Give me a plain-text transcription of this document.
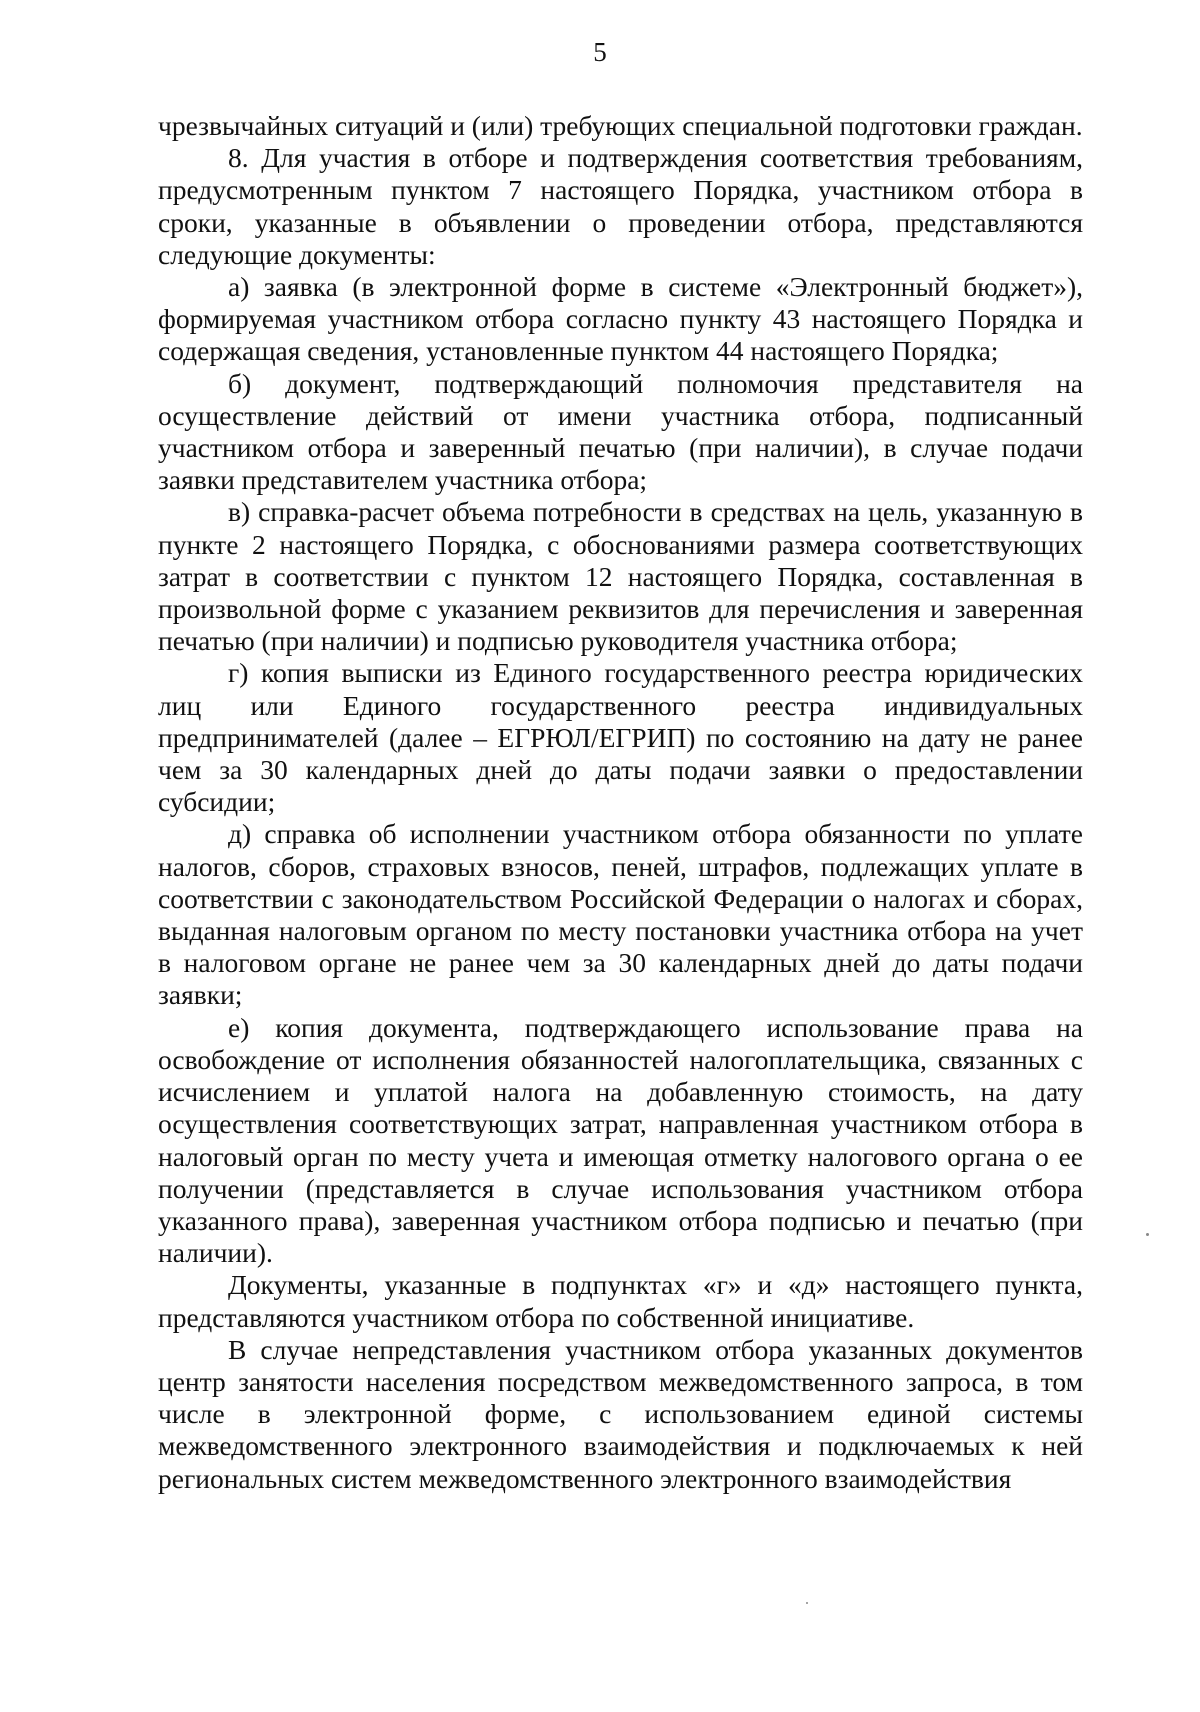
5

чрезвычайных ситуаций и (или) требующих специальной подготовки граждан.

8. Для участия в отборе и подтверждения соответствия требованиям, предусмотренным пунктом 7 настоящего Порядка, участником отбора в сроки, указанные в объявлении о проведении отбора, представляются следующие документы:

а) заявка (в электронной форме в системе «Электронный бюджет»), формируемая участником отбора согласно пункту 43 настоящего Порядка и содержащая сведения, установленные пунктом 44 настоящего Порядка;

б) документ, подтверждающий полномочия представителя на осуществление действий от имени участника отбора, подписанный участником отбора и заверенный печатью (при наличии), в случае подачи заявки представителем участника отбора;

в) справка-расчет объема потребности в средствах на цель, указанную в пункте 2 настоящего Порядка, с обоснованиями размера соответствующих затрат в соответствии с пунктом 12 настоящего Порядка, составленная в произвольной форме с указанием реквизитов для перечисления и заверенная печатью (при наличии) и подписью руководителя участника отбора;

г) копия выписки из Единого государственного реестра юридических лиц или Единого государственного реестра индивидуальных предпринимателей (далее – ЕГРЮЛ/ЕГРИП) по состоянию на дату не ранее чем за 30 календарных дней до даты подачи заявки о предоставлении субсидии;

д) справка об исполнении участником отбора обязанности по уплате налогов, сборов, страховых взносов, пеней, штрафов, подлежащих уплате в соответствии с законодательством Российской Федерации о налогах и сборах, выданная налоговым органом по месту постановки участника отбора на учет в налоговом органе не ранее чем за 30 календарных дней до даты подачи заявки;

е) копия документа, подтверждающего использование права на освобождение от исполнения обязанностей налогоплательщика, связанных с исчислением и уплатой налога на добавленную стоимость, на дату осуществления соответствующих затрат, направленная участником отбора в налоговый орган по месту учета и имеющая отметку налогового органа о ее получении (представляется в случае использования участником отбора указанного права), заверенная участником отбора подписью и печатью (при наличии).

Документы, указанные в подпунктах «г» и «д» настоящего пункта, представляются участником отбора по собственной инициативе.

В случае непредставления участником отбора указанных документов центр занятости населения посредством межведомственного запроса, в том числе в электронной форме, с использованием единой системы межведомственного электронного взаимодействия и подключаемых к ней региональных систем межведомственного электронного взаимодействия
